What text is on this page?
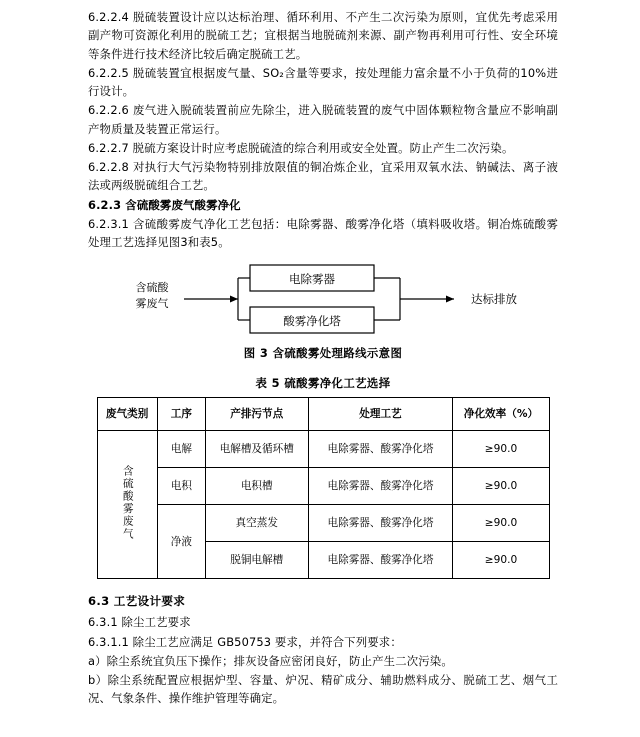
6.2.2.4 脱硫装置设计应以达标治理、循环利用、不产生二次污染为原则，宜优先考虑采用副产物可资源化利用的脱硫工艺；宜根据当地脱硫剂来源、副产物再利用可行性、安全环境等条件进行技术经济比较后确定脱硫工艺。

6.2.2.5 脱硫装置宜根据废气量、SO₂含量等要求，按处理能力富余量不小于负荷的10%进行设计。

6.2.2.6 废气进入脱硫装置前应先除尘，进入脱硫装置的废气中固体颗粒物含量应不影响副产物质量及装置正常运行。

6.2.2.7 脱硫方案设计时应考虑脱硫渣的综合利用或安全处置。防止产生二次污染。

6.2.2.8 对执行大气污染物特别排放限值的铜冶炼企业，宜采用双氧水法、钠碱法、离子液法或两级脱硫组合工艺。

6.2.3 含硫酸雾废气酸雾净化

6.2.3.1 含硫酸雾废气净化工艺包括：电除雾器、酸雾净化塔（填料吸收塔。铜冶炼硫酸雾处理工艺选择见图3和表5。

含硫酸
雾废气
电除雾器
酸雾净化塔
达标排放
图 3 含硫酸雾处理路线示意图
表 5 硫酸雾净化工艺选择
废气类别	工序	产排污节点	处理工艺	净化效率（%）
含硫酸雾废气	电解	电解槽及循环槽	电除雾器、酸雾净化塔	≥90.0
	电积	电积槽	电除雾器、酸雾净化塔	≥90.0
	净液	真空蒸发	电除雾器、酸雾净化塔	≥90.0
		脱铜电解槽	电除雾器、酸雾净化塔	≥90.0
6.3 工艺设计要求

6.3.1 除尘工艺要求

6.3.1.1 除尘工艺应满足 GB50753 要求，并符合下列要求：

a）除尘系统宜负压下操作；排灰设备应密闭良好，防止产生二次污染。

b）除尘系统配置应根据炉型、容量、炉况、精矿成分、辅助燃料成分、脱硫工艺、烟气工况、气象条件、操作维护管理等确定。
